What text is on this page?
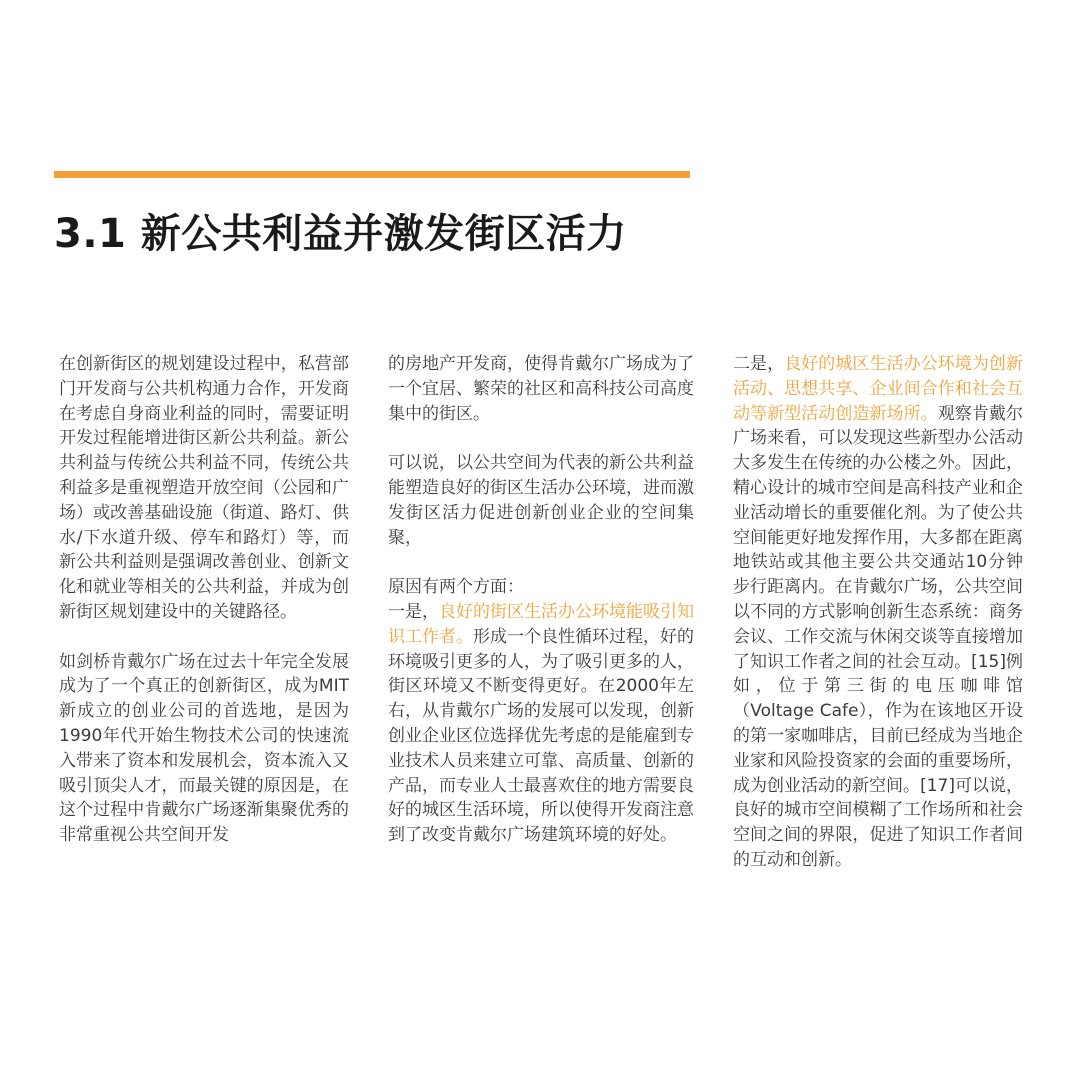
3.1 新公共利益并激发街区活力

在创新街区的规划建设过程中，私营部门开发商与公共机构通力合作，开发商在考虑自身商业利益的同时，需要证明开发过程能增进街区新公共利益。新公共利益与传统公共利益不同，传统公共利益多是重视塑造开放空间（公园和广场）或改善基础设施（街道、路灯、供水/下水道升级、停车和路灯）等，而新公共利益则是强调改善创业、创新文化和就业等相关的公共利益，并成为创新街区规划建设中的关键路径。

如剑桥肯戴尔广场在过去十年完全发展成为了一个真正的创新街区，成为MIT新成立的创业公司的首选地，是因为1990年代开始生物技术公司的快速流入带来了资本和发展机会，资本流入又吸引顶尖人才，而最关键的原因是，在这个过程中肯戴尔广场逐渐集聚优秀的非常重视公共空间开发

的房地产开发商，使得肯戴尔广场成为了一个宜居、繁荣的社区和高科技公司高度集中的街区。

可以说，以公共空间为代表的新公共利益能塑造良好的街区生活办公环境，进而激发街区活力促进创新创业企业的空间集聚，

原因有两个方面：

一是，良好的街区生活办公环境能吸引知识工作者。形成一个良性循环过程，好的环境吸引更多的人，为了吸引更多的人，街区环境又不断变得更好。在2000年左右，从肯戴尔广场的发展可以发现，创新创业企业区位选择优先考虑的是能雇到专业技术人员来建立可靠、高质量、创新的产品，而专业人士最喜欢住的地方需要良好的城区生活环境，所以使得开发商注意到了改变肯戴尔广场建筑环境的好处。

二是，良好的城区生活办公环境为创新活动、思想共享、企业间合作和社会互动等新型活动创造新场所。观察肯戴尔广场来看，可以发现这些新型办公活动大多发生在传统的办公楼之外。因此，精心设计的城市空间是高科技产业和企业活动增长的重要催化剂。为了使公共空间能更好地发挥作用，大多都在距离地铁站或其他主要公共交通站10分钟步行距离内。在肯戴尔广场，公共空间以不同的方式影响创新生态系统：商务会议、工作交流与休闲交谈等直接增加了知识工作者之间的社会互动。[15]例如，位于第三街的电压咖啡馆（Voltage Cafe），作为在该地区开设的第一家咖啡店，目前已经成为当地企业家和风险投资家的会面的重要场所，成为创业活动的新空间。[17]可以说，良好的城市空间模糊了工作场所和社会空间之间的界限，促进了知识工作者间的互动和创新。
